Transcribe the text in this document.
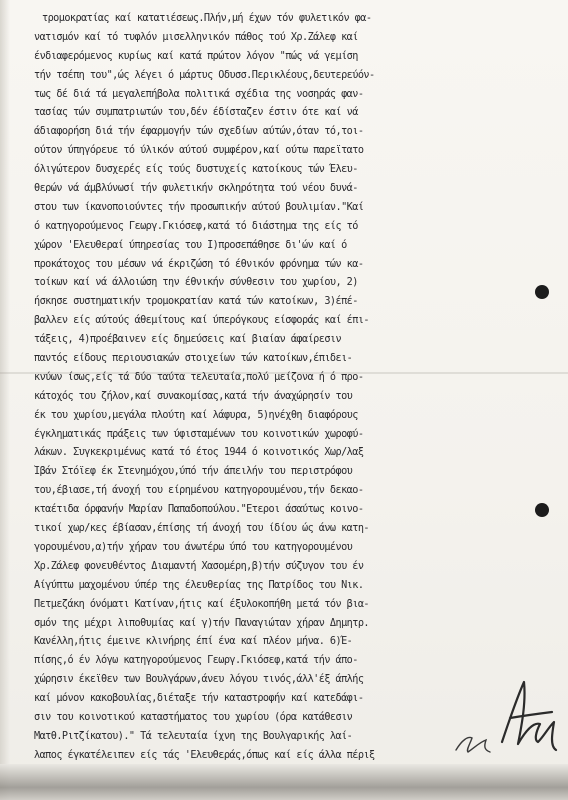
τρομοκρατίας καί κατατιέσεως.Πλήν,μή έχων τόν φυλετικόν φα-
νατισμόν καί τό τυφλόν μισελληνικόν πάθος τού Χρ.Ζάλεφ καί
ένδιαφερόμενος κυρίως καί κατά πρώτον λόγον "πώς νά γεμίση
τήν τσέπη του",ώς λέγει ό μάρτυς Οδυσσ.Περικλέους,δευτερεύόν-
τως δέ διά τά μεγαλεπήβολα πολιτικά σχέδια της νοσηράς φαν-
τασίας τών συμπατριωτών του,δέν έδίσταζεν έστιν ότε καί νά
άδιαφορήση διά τήν έφαρμογήν τών σχεδίων αύτών,όταν τό,τοι-
ούτον ύπηγόρευε τό ύλικόν αύτού συμφέρον,καί ούτω παρεϊτατο
όλιγώτερον δυσχερές είς τούς δυστυχείς κατοίκους τών Έλευ-
θερών νά άμβλύνωσί τήν φυλετικήν σκληρότητα τού νέου δυνά-
στου των ίκανοποιούντες τήν προσωπικήν αύτού βουλιμίαν."Καί
ό κατηγορούμενος Γεωργ.Γκιόσεφ,κατά τό διάστημα της είς τό
χώρον 'Ελευθεραί ύπηρεσίας του Ι)προσεπάθησε δι'ών καί ό
προκάτοχος του μέσων νά έκριζώση τό έθνικόν φρόνημα τών κα-
τοίκων καί νά άλλοιώση την έθνικήν σύνθεσιν του χωρίου, 2)
ήσκησε συστηματικήν τρομοκρατίαν κατά τών κατοίκων, 3)έπέ-
βαλλεν είς αύτούς άθεμίτους καί ύπερόγκους είσφοράς καί έπι-
τάξεις, 4)προέβαινεν είς δημεύσεις καί βιαίαν άφαίρεσιν
παντός είδους περιουσιακών στοιχείων τών κατοίκων,έπιδει-
κνύων ίσως,είς τά δύο ταύτα τελευταία,πολύ μείζονα ή ό προ-
κάτοχός του ζήλον,καί συνακομίσας,κατά τήν άναχώρησίν του
έκ του χωρίου,μεγάλα πλούτη καί λάφυρα, 5)ηνέχθη διαφόρους
έγκληματικάς πράξεις των ύφισταμένων του κοινοτικών χωροφύ-
λάκων. Συγκεκριμένως κατά τό έτος 1944 ό κοινοτικός Χωρ/λαξ
Ίβάν Στόϊεφ έκ Στενημόχου,ύπό τήν άπειλήν του περιστρόφου
του,έβιασε,τή άνοχή του είρημένου κατηγορουμένου,τήν δεκαο-
κταέτιδα όρφανήν Μαρίαν Παπαδοπούλου."Ετεροι άσαύτως κοινο-
τικοί χωρ/κες έβίασαν,έπίσης τή άνοχή του ίδίου ώς άνω κατη-
γορουμένου,α)τήν χήραν του άνωτέρω ύπό του κατηγορουμένου
Χρ.Ζάλεφ φονευθέντος Διαμαντή Χασομέρη,β)τήν σύζυγον του έν
Αίγύπτω μαχομένου ύπέρ της έλευθερίας της Πατρίδος του Νικ.
Πετμεζάκη όνόματι Κατίναν,ήτις καί έξυλοκοπήθη μετά τόν βια-
σμόν της μέχρι λιποθυμίας καί γ)τήν Παναγιώταν χήραν Δημητρ.
Κανέλλη,ήτις έμεινε κλινήρης έπί ένα καί πλέον μήνα. 6)Έ-
πίσης,ό έν λόγω κατηγορούμενος Γεωργ.Γκιόσεφ,κατά τήν άπο-
χώρησιν έκεϊθεν των Βουλγάρων,άνευ λόγου τινός,άλλ'έξ άπλής
καί μόνον κακοβουλίας,διέταξε τήν καταστροφήν καί κατεδάφι-
σιν του κοινοτικού καταστήματος του χωρίου (όρα κατάθεσιν
Ματθ.Ριτζίκατου)." Τά τελευταία ίχνη της Βουλγαρικής λαί-
λαπος έγκατέλειπεν είς τάς 'Ελευθεράς,όπως καί είς άλλα πέριξ
